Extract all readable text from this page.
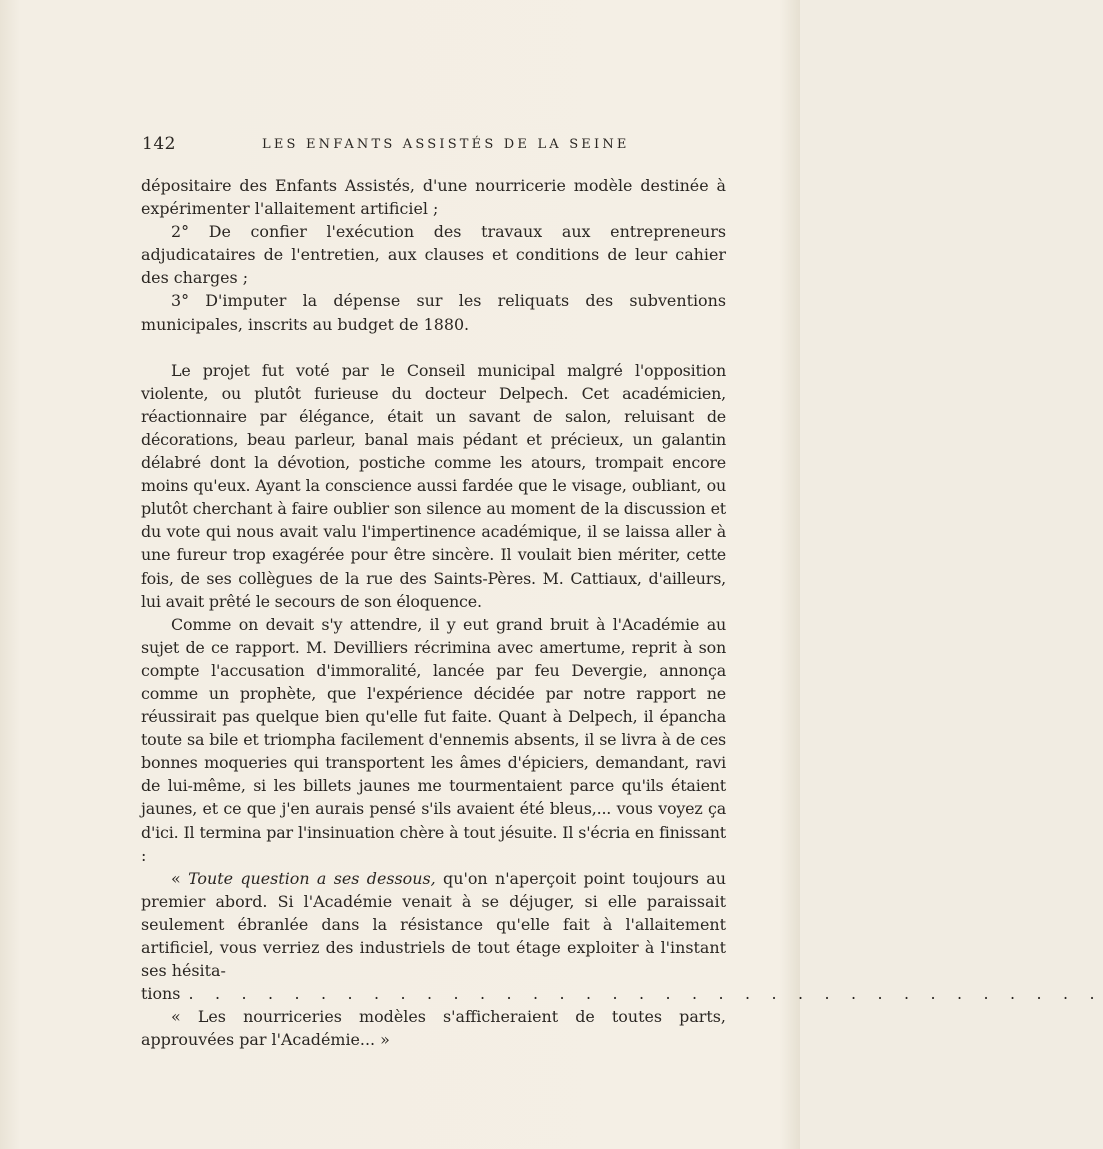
142	LES ENFANTS ASSISTÉS DE LA SEINE

dépositaire des Enfants Assistés, d'une nourricerie modèle destinée à expérimenter l'allaitement artificiel ;

2° De confier l'exécution des travaux aux entrepreneurs adjudicataires de l'entretien, aux clauses et conditions de leur cahier des charges ;

3° D'imputer la dépense sur les reliquats des subventions municipales, inscrits au budget de 1880.

Le projet fut voté par le Conseil municipal malgré l'opposition violente, ou plutôt furieuse du docteur Delpech. Cet académicien, réactionnaire par élégance, était un savant de salon, reluisant de décorations, beau parleur, banal mais pédant et précieux, un galantin délabré dont la dévotion, postiche comme les atours, trompait encore moins qu'eux. Ayant la conscience aussi fardée que le visage, oubliant, ou plutôt cherchant à faire oublier son silence au moment de la discussion et du vote qui nous avait valu l'impertinence académique, il se laissa aller à une fureur trop exagérée pour être sincère. Il voulait bien mériter, cette fois, de ses collègues de la rue des Saints-Pères. M. Cattiaux, d'ailleurs, lui avait prêté le secours de son éloquence.

Comme on devait s'y attendre, il y eut grand bruit à l'Académie au sujet de ce rapport. M. Devilliers récrimina avec amertume, reprit à son compte l'accusation d'immoralité, lancée par feu Devergie, annonça comme un prophète, que l'expérience décidée par notre rapport ne réussirait pas quelque bien qu'elle fut faite. Quant à Delpech, il épancha toute sa bile et triompha facilement d'ennemis absents, il se livra à de ces bonnes moqueries qui transportent les âmes d'épiciers, demandant, ravi de lui-même, si les billets jaunes me tourmentaient parce qu'ils étaient jaunes, et ce que j'en aurais pensé s'ils avaient été bleus,... vous voyez ça d'ici. Il termina par l'insinuation chère à tout jésuite. Il s'écria en finissant :

« Toute question a ses dessous, qu'on n'aperçoit point toujours au premier abord. Si l'Académie venait à se déjuger, si elle paraissait seulement ébranlée dans la résistance qu'elle fait à l'allaitement artificiel, vous verriez des industriels de tout étage exploiter à l'instant ses hésita-

tions . . . . . . . . . . . . . . . . . . . . . . . . . . . . . . . . . . .

« Les nourriceries modèles s'afficheraient de toutes parts, approuvées par l'Académie... »
